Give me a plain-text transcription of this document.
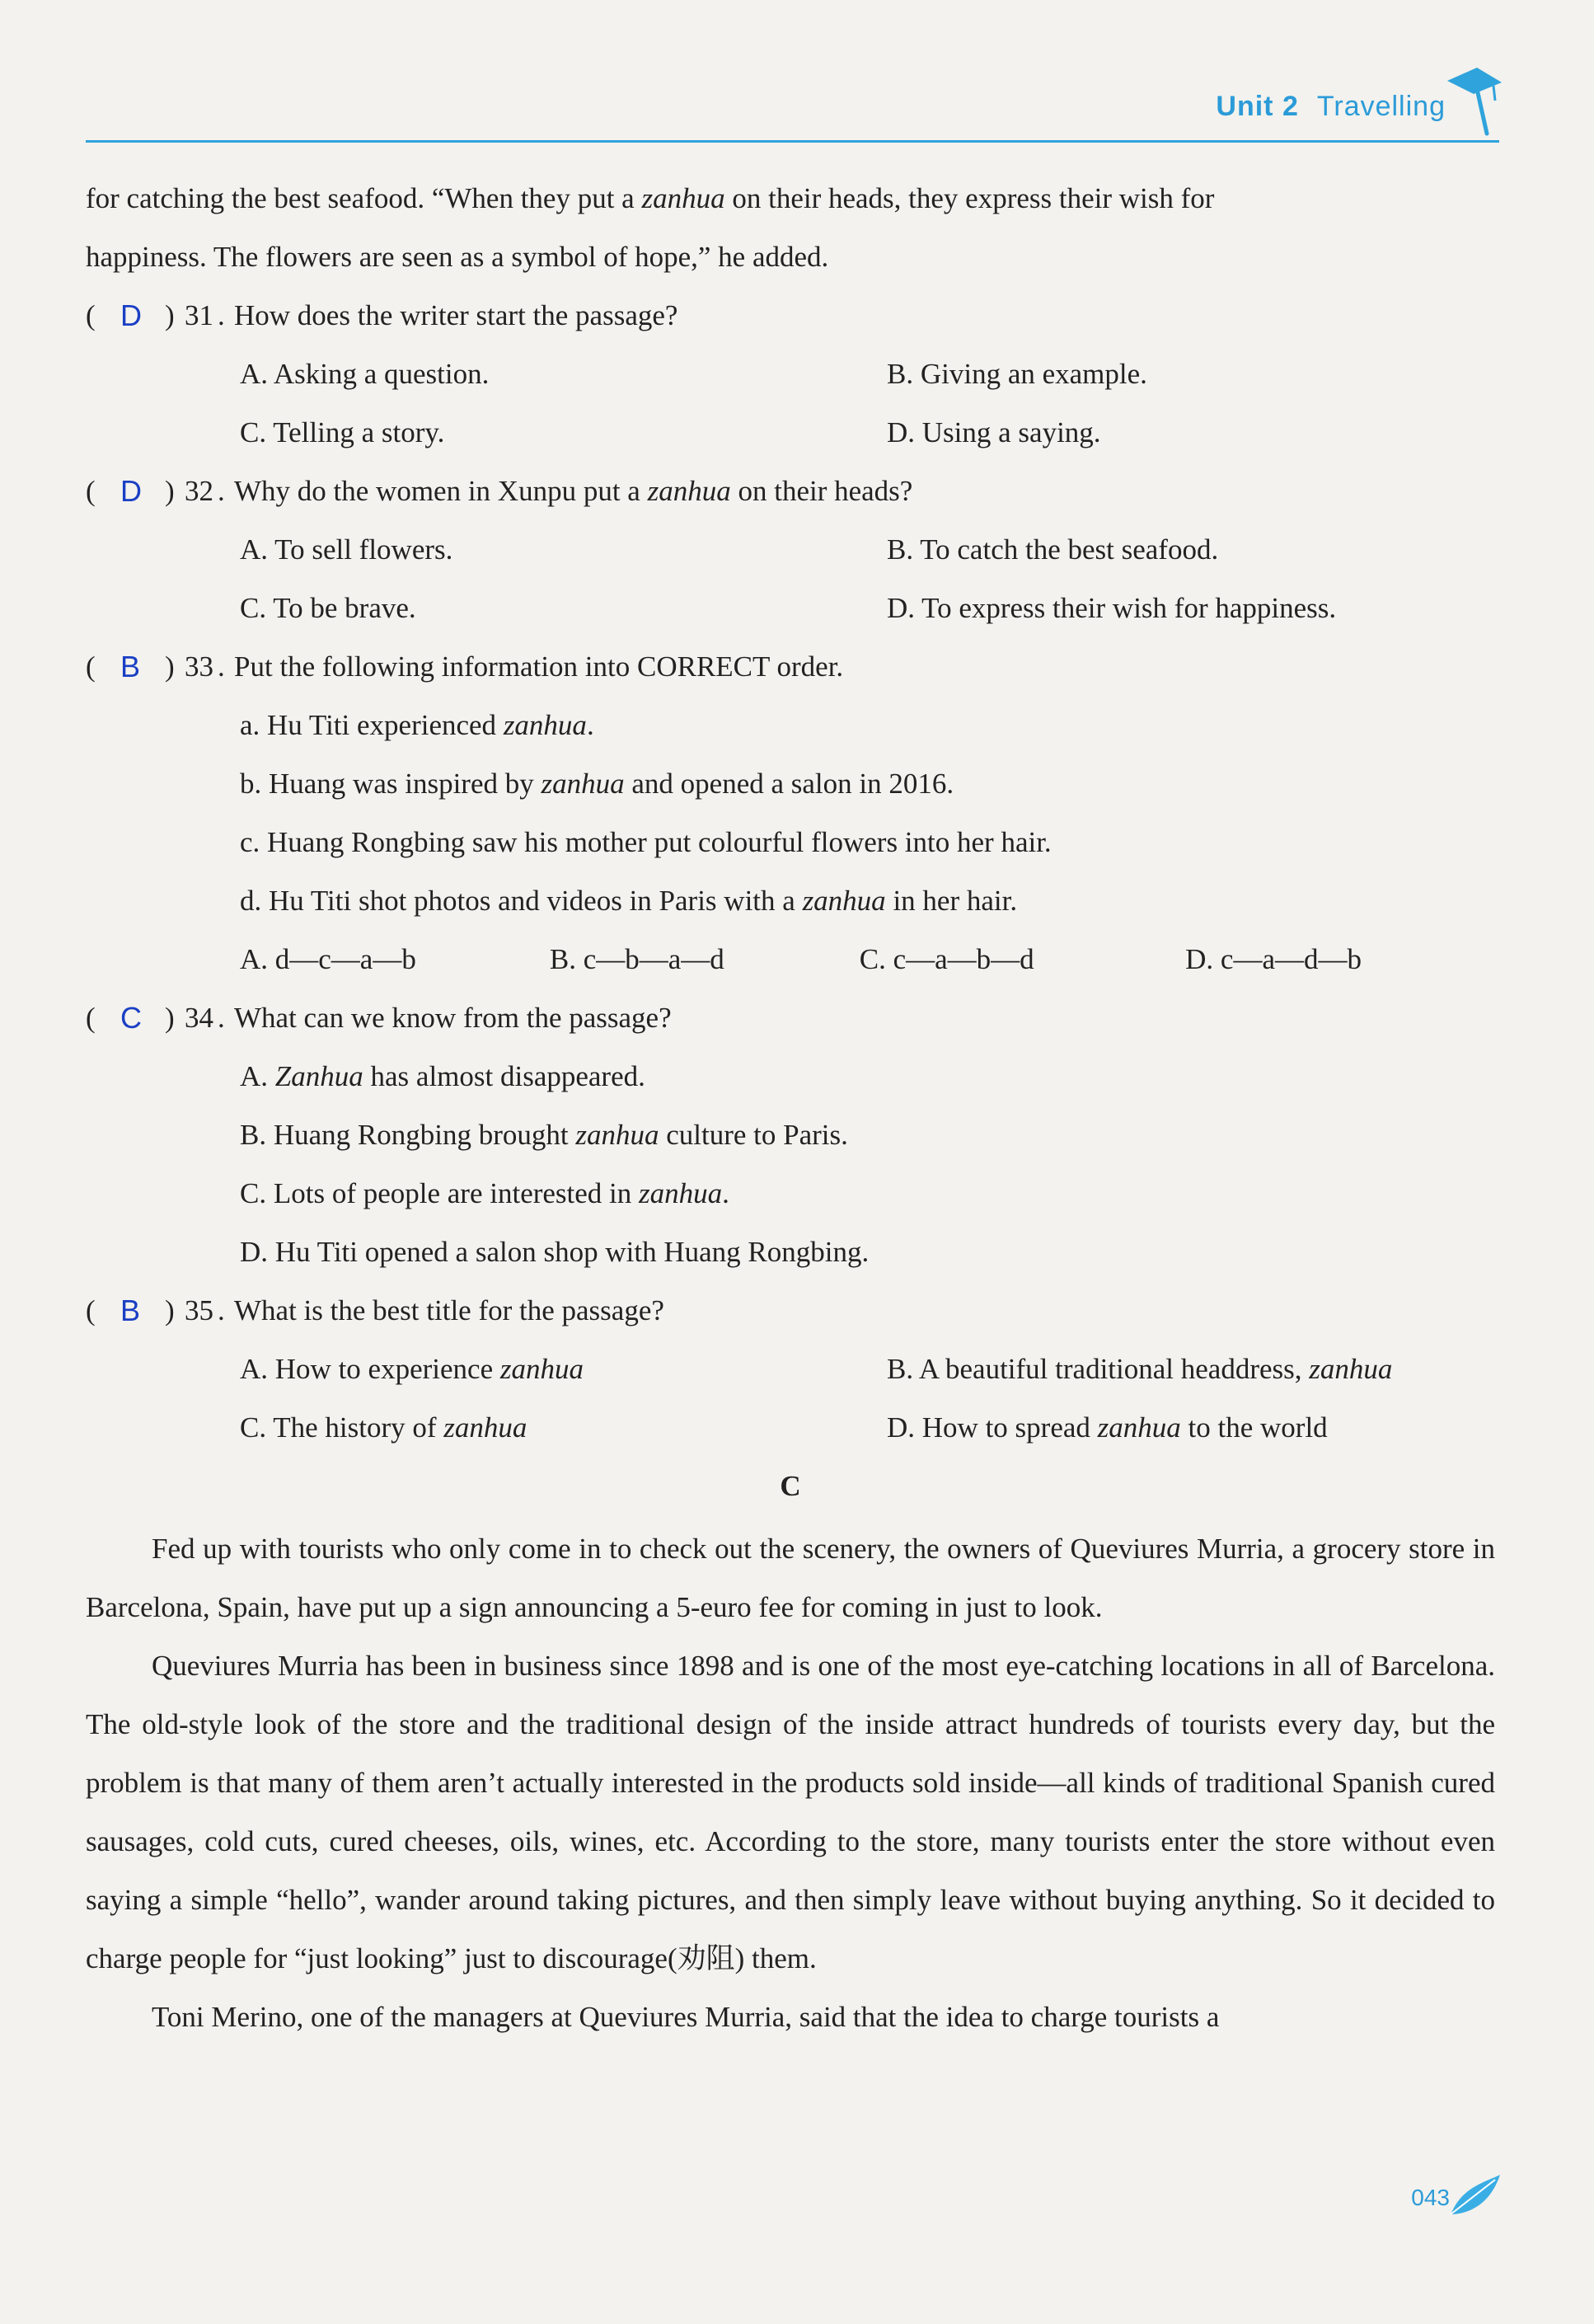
Unit 2 Travelling
for catching the best seafood. “When they put a zanhua on their heads, they express their wish for
happiness. The flowers are seen as a symbol of hope,” he added.
( D ) 31 . How does the writer start the passage?
A. Asking a question.	B. Giving an example.
C. Telling a story.	D. Using a saying.
( D ) 32 . Why do the women in Xunpu put a zanhua on their heads?
A. To sell flowers.	B. To catch the best seafood.
C. To be brave.	D. To express their wish for happiness.
( B ) 33 . Put the following information into CORRECT order.
a. Hu Titi experienced zanhua.
b. Huang was inspired by zanhua and opened a salon in 2016.
c. Huang Rongbing saw his mother put colourful flowers into her hair.
d. Hu Titi shot photos and videos in Paris with a zanhua in her hair.
A. d—c—a—b	B. c—b—a—d	C. c—a—b—d	D. c—a—d—b
( C ) 34 . What can we know from the passage?
A. Zanhua has almost disappeared.
B. Huang Rongbing brought zanhua culture to Paris.
C. Lots of people are interested in zanhua.
D. Hu Titi opened a salon shop with Huang Rongbing.
( B ) 35 . What is the best title for the passage?
A. How to experience zanhua	B. A beautiful traditional headdress, zanhua
C. The history of zanhua	D. How to spread zanhua to the world
C

Fed up with tourists who only come in to check out the scenery, the owners of Queviures Murria, a grocery store in Barcelona, Spain, have put up a sign announcing a 5-euro fee for coming in just to look.

Queviures Murria has been in business since 1898 and is one of the most eye-catching locations in all of Barcelona. The old-style look of the store and the traditional design of the inside attract hundreds of tourists every day, but the problem is that many of them aren’t actually interested in the products sold inside—all kinds of traditional Spanish cured sausages, cold cuts, cured cheeses, oils, wines, etc. According to the store, many tourists enter the store without even saying a simple “hello”, wander around taking pictures, and then simply leave without buying anything. So it decided to charge people for “just looking” just to discourage(劝阻) them.

Toni Merino, one of the managers at Queviures Murria, said that the idea to charge tourists a

043
